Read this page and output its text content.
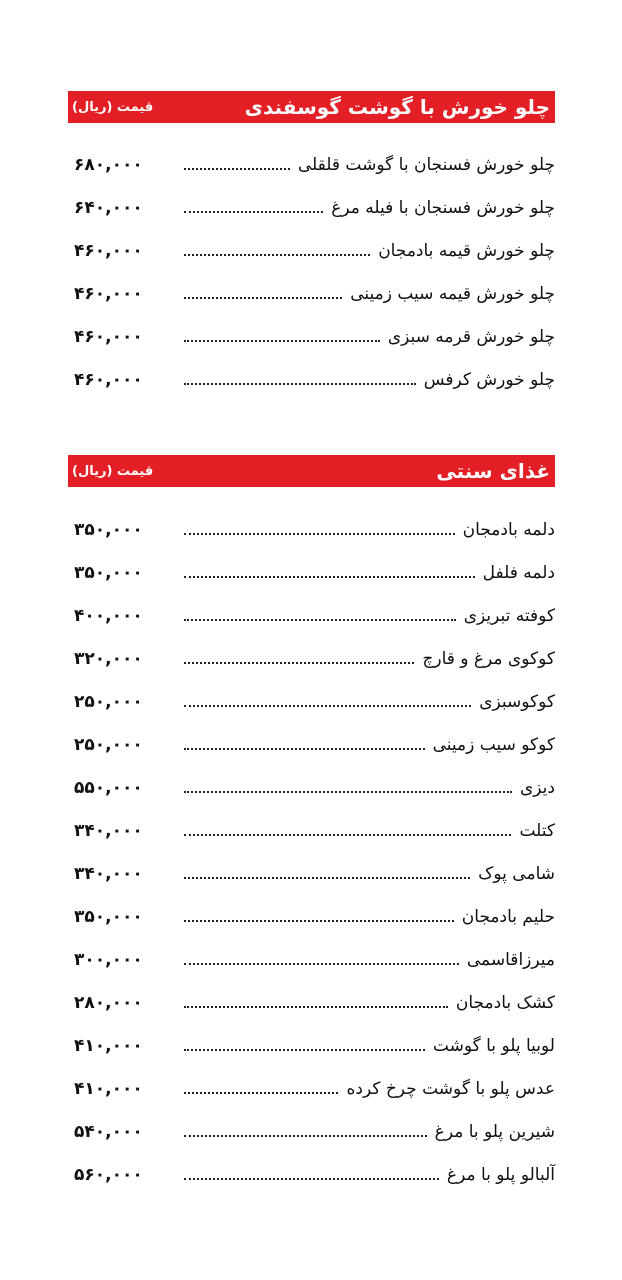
قیمت (ریال)	چلو خورش با گوشت گوسفندی
۶۸۰,۰۰۰	چلو خورش فسنجان با گوشت قلقلی
۶۴۰,۰۰۰	چلو خورش فسنجان با فیله مرغ
۴۶۰,۰۰۰	چلو خورش قیمه بادمجان
۴۶۰,۰۰۰	چلو خورش قیمه سیب زمینی
۴۶۰,۰۰۰	چلو خورش قرمه سبزی
۴۶۰,۰۰۰	چلو خورش کرفس
قیمت (ریال)	غذای سنتی
۳۵۰,۰۰۰	دلمه بادمجان
۳۵۰,۰۰۰	دلمه فلفل
۴۰۰,۰۰۰	کوفته تبریزی
۳۲۰,۰۰۰	کوکوی مرغ و قارچ
۲۵۰,۰۰۰	کوکوسبزی
۲۵۰,۰۰۰	کوکو سیب زمینی
۵۵۰,۰۰۰	دیزی
۳۴۰,۰۰۰	کتلت
۳۴۰,۰۰۰	شامی پوک
۳۵۰,۰۰۰	حلیم بادمجان
۳۰۰,۰۰۰	میرزاقاسمی
۲۸۰,۰۰۰	کشک بادمجان
۴۱۰,۰۰۰	لوبیا پلو با گوشت
۴۱۰,۰۰۰	عدس پلو با گوشت چرخ کرده
۵۴۰,۰۰۰	شیرین پلو با مرغ
۵۶۰,۰۰۰	آلبالو پلو با مرغ
